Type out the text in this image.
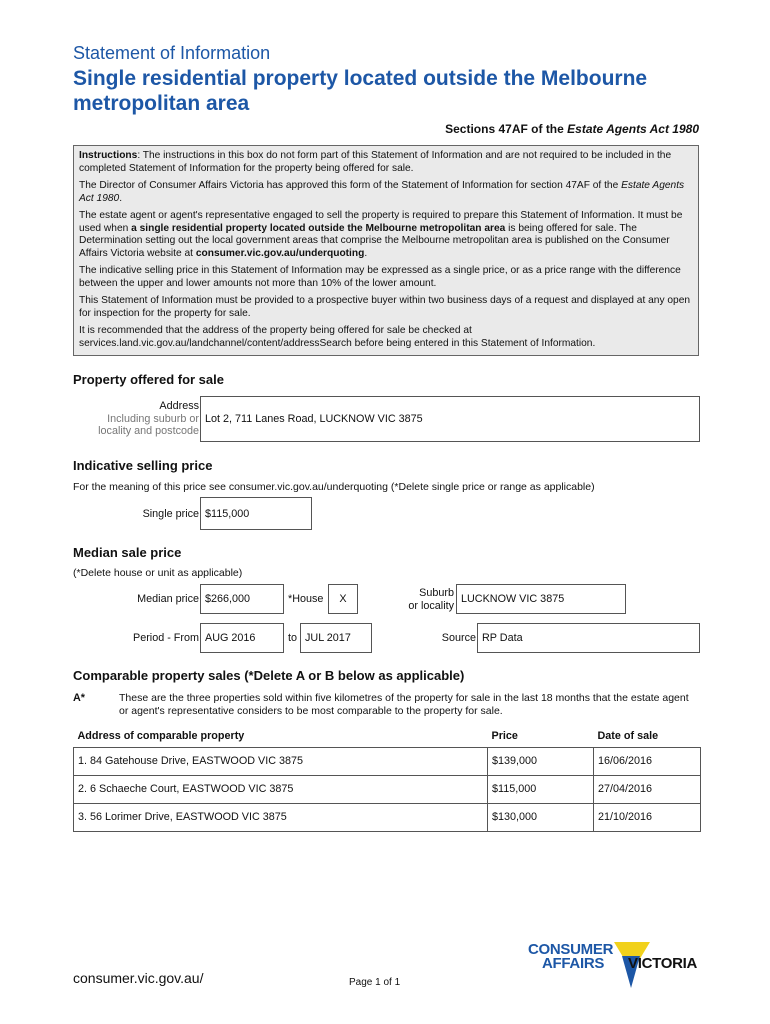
Statement of Information
Single residential property located outside the Melbourne metropolitan area
Sections 47AF of the Estate Agents Act 1980

Instructions: The instructions in this box do not form part of this Statement of Information and are not required to be included in the completed Statement of Information for the property being offered for sale.

The Director of Consumer Affairs Victoria has approved this form of the Statement of Information for section 47AF of the Estate Agents Act 1980.

The estate agent or agent's representative engaged to sell the property is required to prepare this Statement of Information. It must be used when a single residential property located outside the Melbourne metropolitan area is being offered for sale. The Determination setting out the local government areas that comprise the Melbourne metropolitan area is published on the Consumer Affairs Victoria website at consumer.vic.gov.au/underquoting.

The indicative selling price in this Statement of Information may be expressed as a single price, or as a price range with the difference between the upper and lower amounts not more than 10% of the lower amount.

This Statement of Information must be provided to a prospective buyer within two business days of a request and displayed at any open for inspection for the property for sale.

It is recommended that the address of the property being offered for sale be checked at services.land.vic.gov.au/landchannel/content/addressSearch before being entered in this Statement of Information.

Property offered for sale
Address
Including suburb or
locality and postcode
Lot 2, 711 Lanes Road, LUCKNOW VIC 3875
Indicative selling price
For the meaning of this price see consumer.vic.gov.au/underquoting (*Delete single price or range as applicable)
Single price $115,000
Median sale price
(*Delete house or unit as applicable)
Median price $266,000	*House	X	Suburb
or locality
LUCKNOW VIC 3875
Period - From AUG 2016	to JUL 2017	Source RP Data
Comparable property sales (*Delete A or B below as applicable)
A*	These are the three properties sold within five kilometres of the property for sale in the last 18 months that the estate agent or agent's representative considers to be most comparable to the property for sale.
Address of comparable property	Price	Date of sale
1. 84 Gatehouse Drive, EASTWOOD VIC 3875	$139,000	16/06/2016
2. 6 Schaeche Court, EASTWOOD VIC 3875	$115,000	27/04/2016
3. 56 Lorimer Drive, EASTWOOD VIC 3875	$130,000	21/10/2016
consumer.vic.gov.au/	Page 1 of 1
CONSUMER
AFFAIRS VICTORIA
